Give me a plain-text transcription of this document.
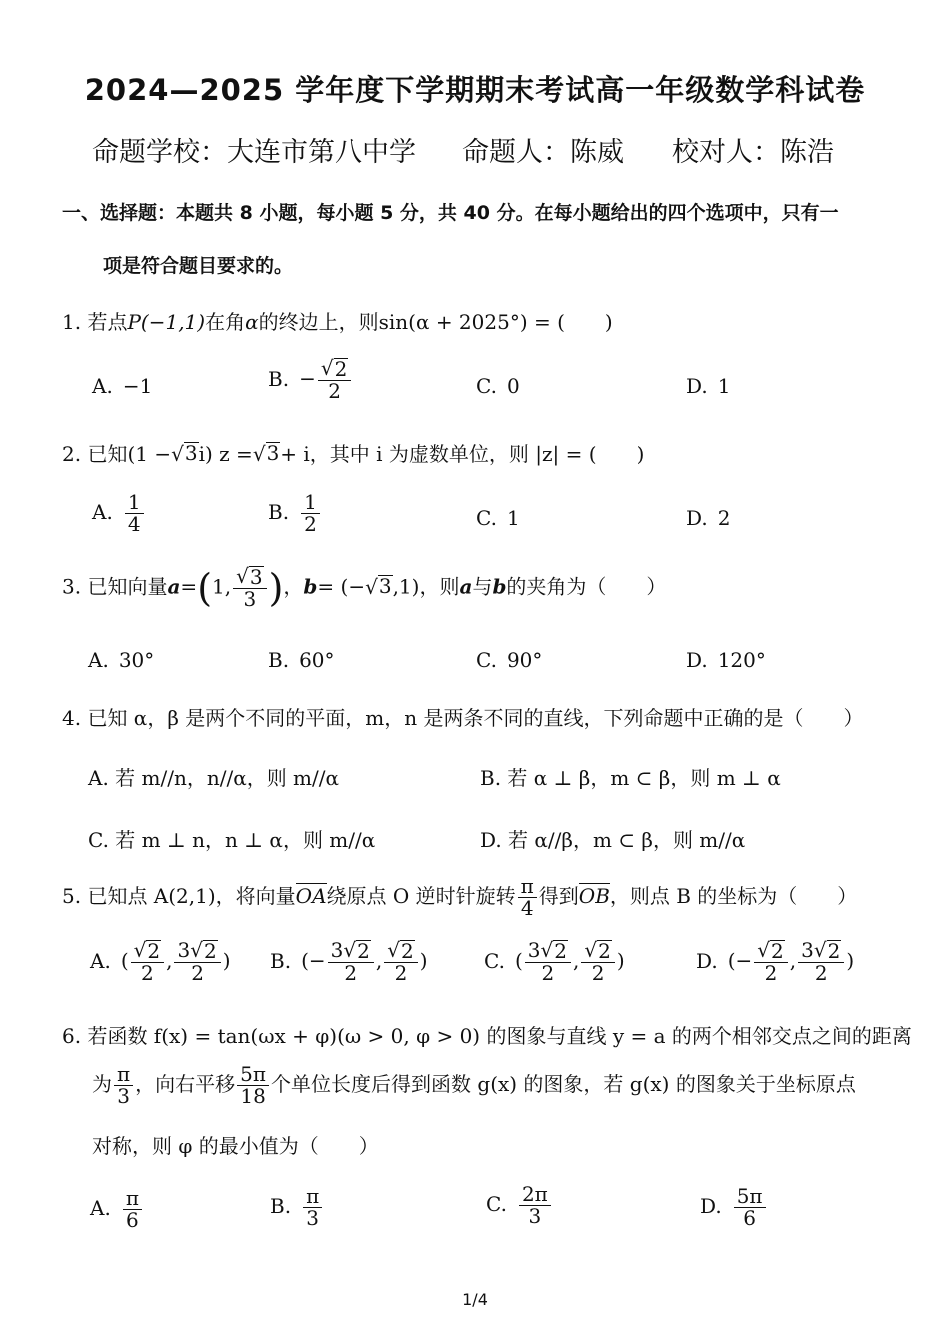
2024—2025 学年度下学期期末考试高一年级数学科试卷
命题学校：大连市第八中学 命题人：陈威 校对人：陈浩
一、选择题：本题共 8 小题，每小题 5 分，共 40 分。在每小题给出的四个选项中，只有一
项是符合题目要求的。
1. 若点P(−1,1)在角α的终边上，则sin(α + 2025°) = (　　)
A. −1	B. − $\frac{√ 2}{2}$	C. 0	D. 1
2. 已知(1 − √ 3 i) z = √ 3 + i，其中 i 为虚数单位，则 |z| = (　　)
A. $\frac{1}{4}$	B. $\frac{1}{2}$	C. 1	D. 2
3. 已知向量a=(1, $\frac{√ 3}{3}$ )，b= (− √ 3 ,1)，则a与b的夹角为（　　）
A. 30°	B. 60°	C. 90°	D. 120°
4. 已知 α，β 是两个不同的平面，m，n 是两条不同的直线，下列命题中正确的是（　　）
A. 若 m//n，n//α，则 m//α	B. 若 α ⊥ β，m ⊂ β，则 m ⊥ α
C. 若 m ⊥ n，n ⊥ α，则 m//α	D. 若 α//β，m ⊂ β，则 m//α
5. 已知点 A(2,1)，将向量OA绕原点 O 逆时针旋转 $\frac{\pi}{4}$ 得到OB，则点 B 的坐标为（　　）
A. ( $\frac{√ 2}{2}$ , $\frac{3 √ 2}{2}$ ) B. (− $\frac{3 √ 2}{2}$ , $\frac{√ 2}{2}$ )	C. ( $\frac{3 √ 2}{2}$ , $\frac{√ 2}{2}$ )	D. (− $\frac{√ 2}{2}$ , $\frac{3 √ 2}{2}$ )
6. 若函数 f(x) = tan(ωx + φ)(ω > 0, φ > 0) 的图象与直线 y = a 的两个相邻交点之间的距离
为 $\frac{\pi}{3}$ ，向右平移 $\frac{5\pi}{18}$ 个单位长度后得到函数 g(x) 的图象，若 g(x) 的图象关于坐标原点
对称，则 φ 的最小值为（　　）
A. $\frac{\pi}{6}$	B. $\frac{\pi}{3}$	C. $\frac{2\pi}{3}$	D. $\frac{5\pi}{6}$
1/4
